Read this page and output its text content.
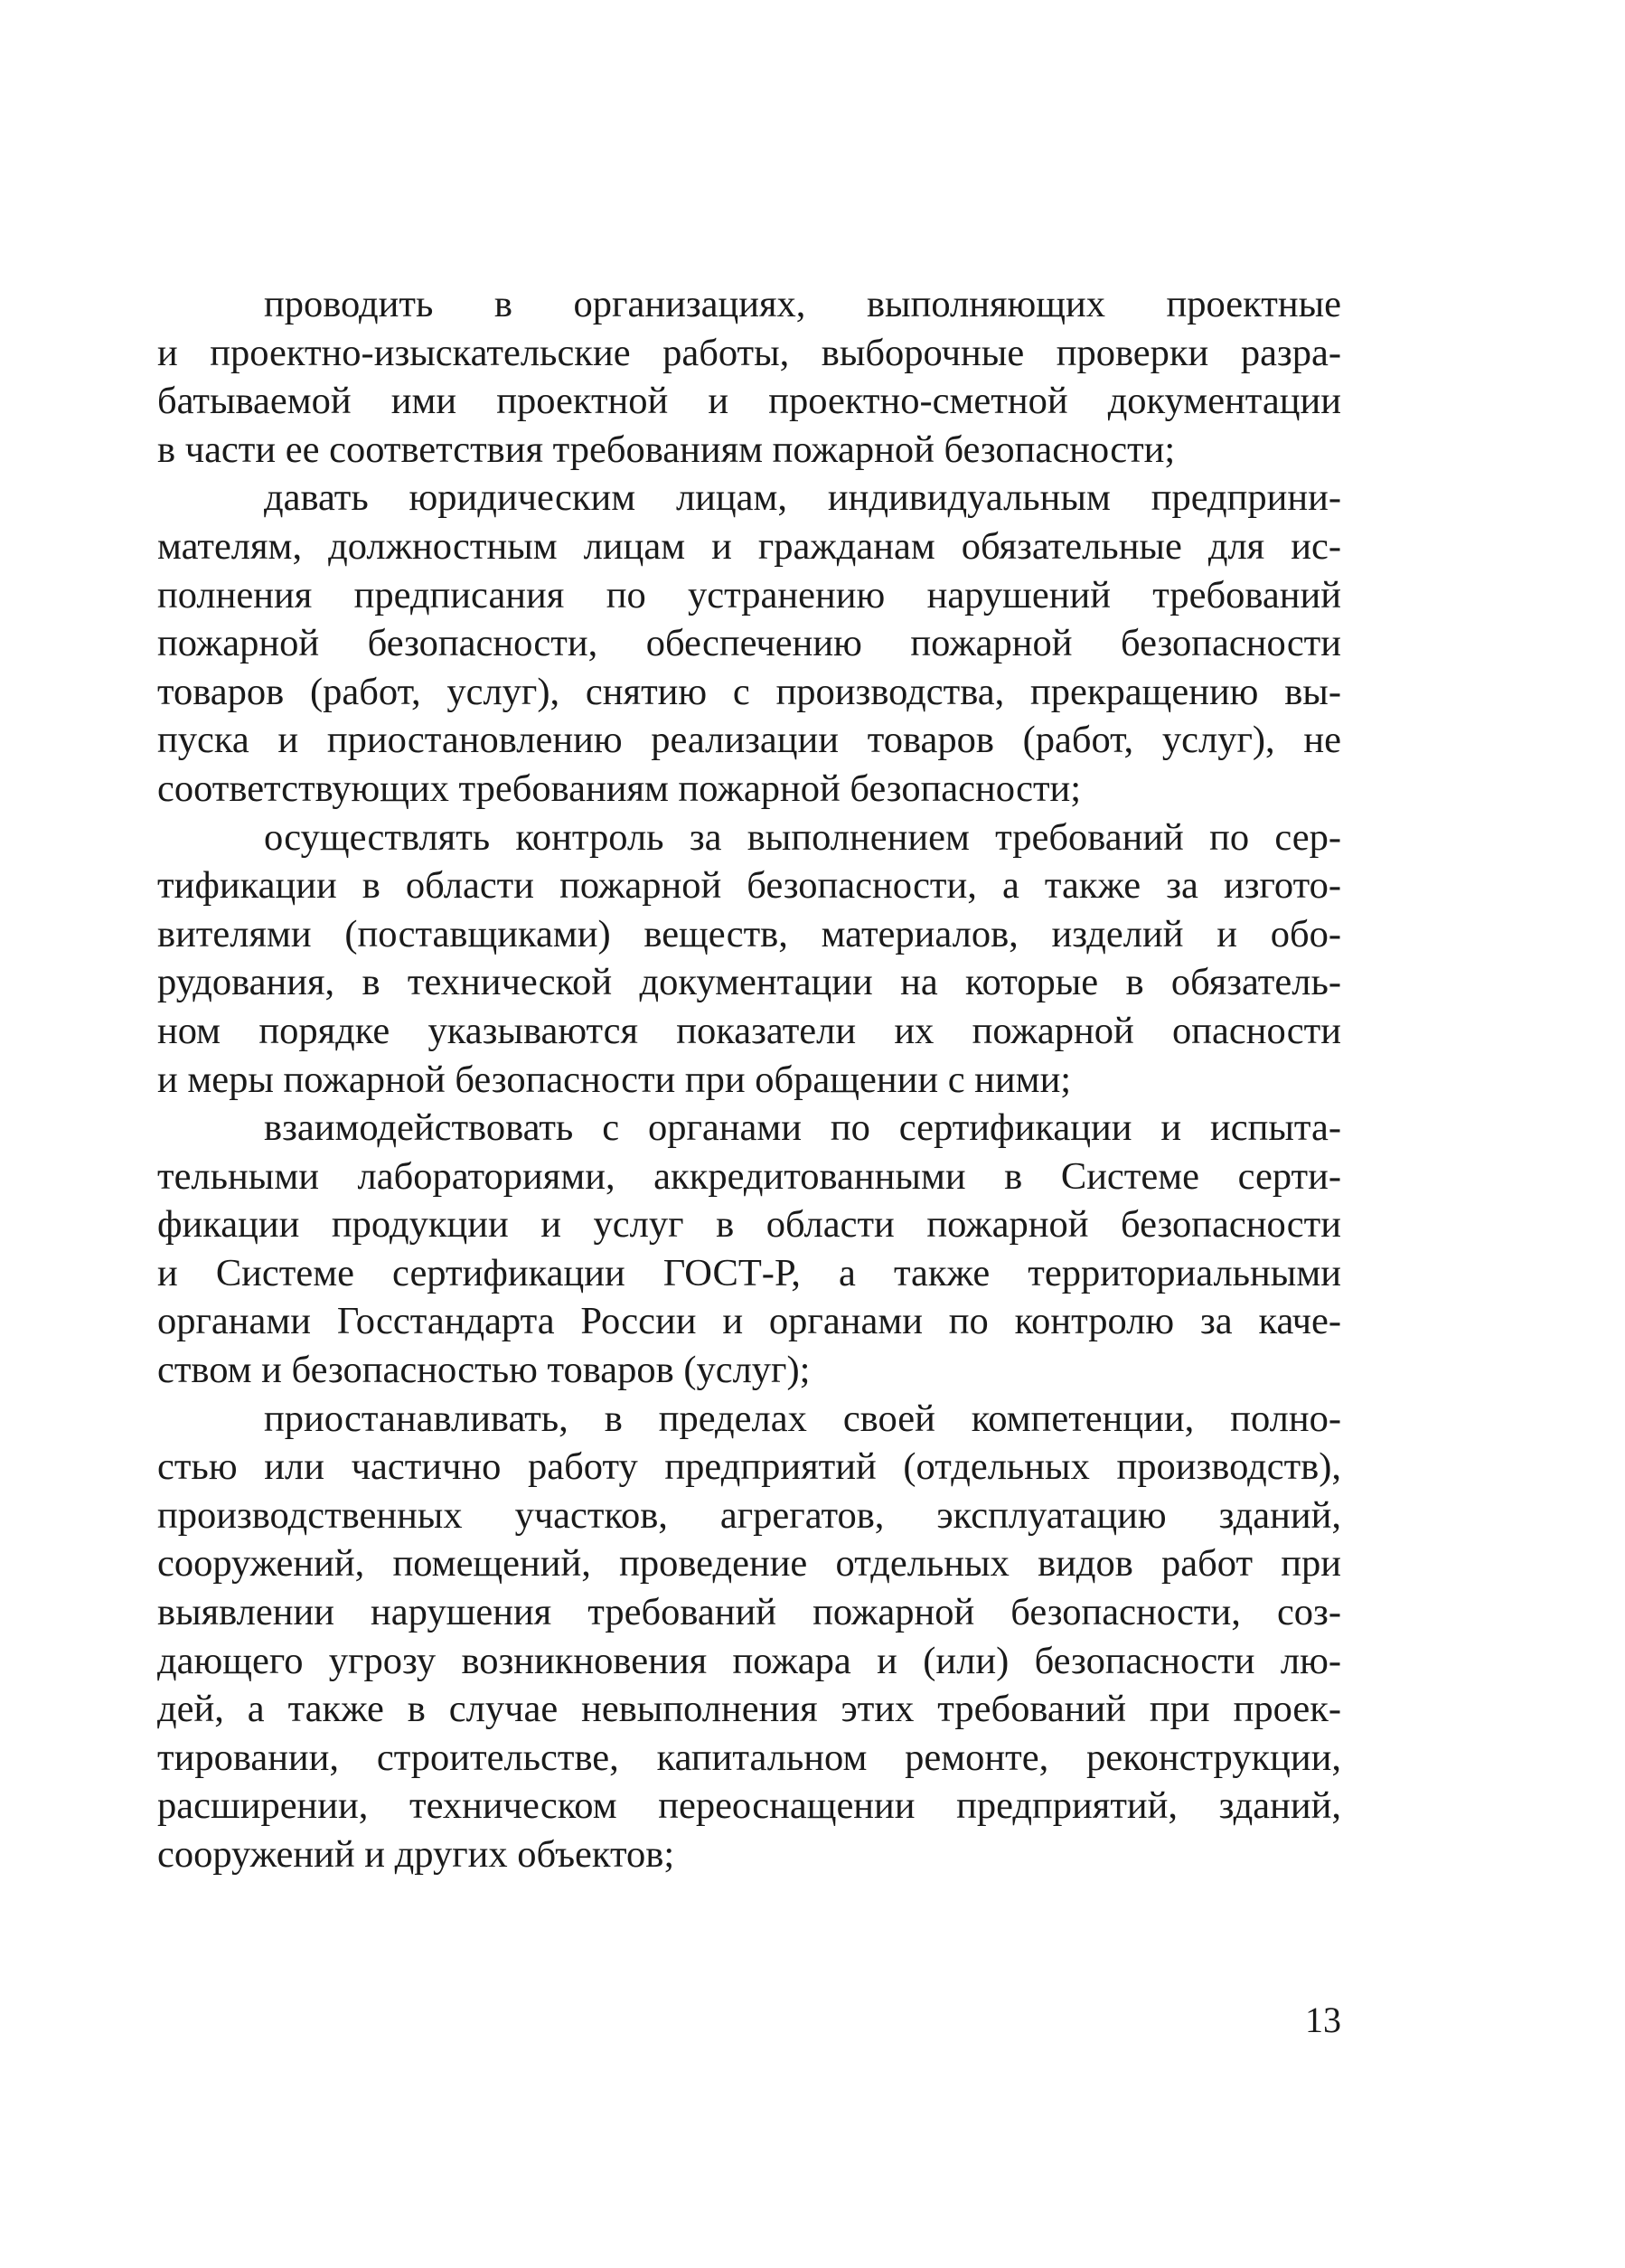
проводить в организациях, выполняющих проектные
и проектно-изыскательские работы, выборочные проверки разра-
батываемой ими проектной и проектно-сметной документации
в части ее соответствия требованиям пожарной безопасности;

давать юридическим лицам, индивидуальным предприни-
мателям, должностным лицам и гражданам обязательные для ис-
полнения предписания по устранению нарушений требований
пожарной безопасности, обеспечению пожарной безопасности
товаров (работ, услуг), снятию с производства, прекращению вы-
пуска и приостановлению реализации товаров (работ, услуг), не
соответствующих требованиям пожарной безопасности;

осуществлять контроль за выполнением требований по сер-
тификации в области пожарной безопасности, а также за изгото-
вителями (поставщиками) веществ, материалов, изделий и обо-
рудования, в технической документации на которые в обязатель-
ном порядке указываются показатели их пожарной опасности
и меры пожарной безопасности при обращении с ними;

взаимодействовать с органами по сертификации и испыта-
тельными лабораториями, аккредитованными в Системе серти-
фикации продукции и услуг в области пожарной безопасности
и Системе сертификации ГОСТ-Р, а также территориальными
органами Госстандарта России и органами по контролю за каче-
ством и безопасностью товаров (услуг);

приостанавливать, в пределах своей компетенции, полно-
стью или частично работу предприятий (отдельных производств),
производственных участков, агрегатов, эксплуатацию зданий,
сооружений, помещений, проведение отдельных видов работ при
выявлении нарушения требований пожарной безопасности, соз-
дающего угрозу возникновения пожара и (или) безопасности лю-
дей, а также в случае невыполнения этих требований при проек-
тировании, строительстве, капитальном ремонте, реконструкции,
расширении, техническом переоснащении предприятий, зданий,
сооружений и других объектов;

13
